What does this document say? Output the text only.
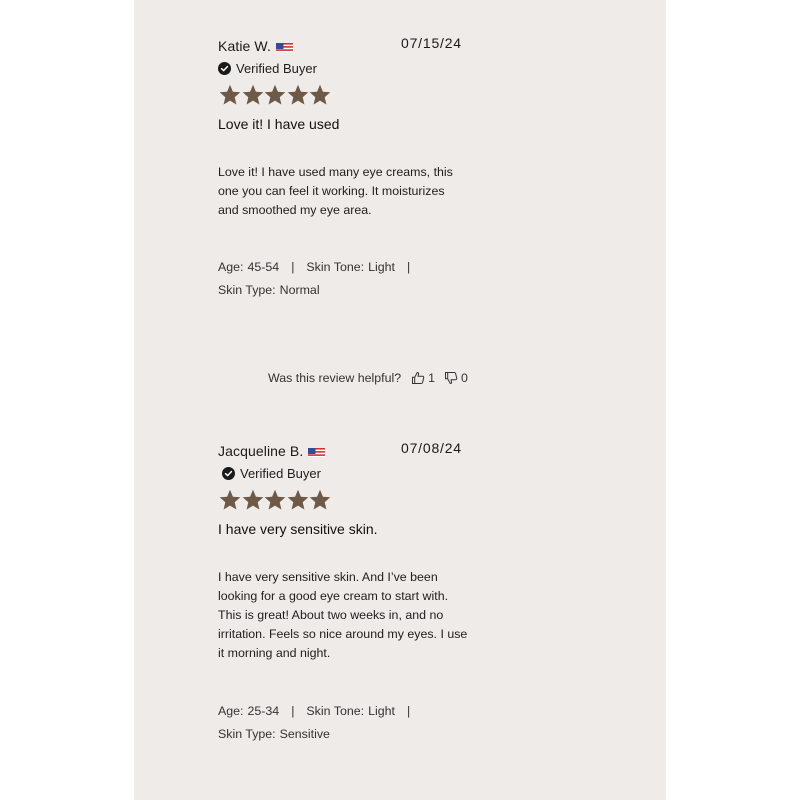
Katie W.	07/15/24
Verified Buyer
Love it! I have used
Love it! I have used many eye creams, this one you can feel it working. It moisturizes and smoothed my eye area.
Age: 45-54 | Skin Tone: Light |
Skin Type: Normal
Was this review helpful? 1 0
Jacqueline B.	07/08/24
Verified Buyer
I have very sensitive skin.
I have very sensitive skin. And I’ve been looking for a good eye cream to start with. This is great! About two weeks in, and no irritation. Feels so nice around my eyes. I use it morning and night.
Age: 25-34 | Skin Tone: Light |
Skin Type: Sensitive
